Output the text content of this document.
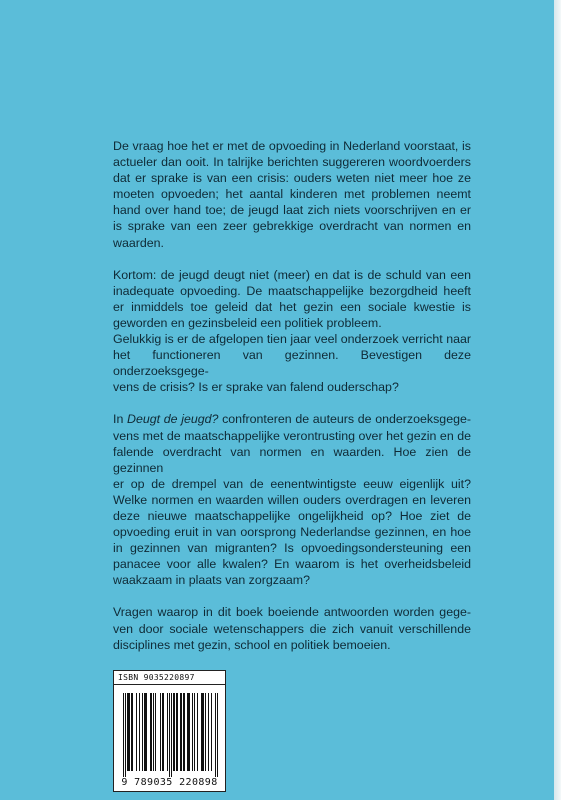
De vraag hoe het er met de opvoeding in Nederland voorstaat, is
actueler dan ooit. In talrijke berichten suggereren woordvoerders
dat er sprake is van een crisis: ouders weten niet meer hoe ze
moeten opvoeden; het aantal kinderen met problemen neemt
hand over hand toe; de jeugd laat zich niets voorschrijven en er
is sprake van een zeer gebrekkige overdracht van normen en
waarden.

Kortom: de jeugd deugt niet (meer) en dat is de schuld van een
inadequate opvoeding. De maatschappelijke bezorgdheid heeft
er inmiddels toe geleid dat het gezin een sociale kwestie is
geworden en gezinsbeleid een politiek probleem.
Gelukkig is er de afgelopen tien jaar veel onderzoek verricht naar
het functioneren van gezinnen. Bevestigen deze onderzoeksgege-
vens de crisis? Is er sprake van falend ouderschap?

In Deugt de jeugd? confronteren de auteurs de onderzoeksgege-
vens met de maatschappelijke verontrusting over het gezin en de
falende overdracht van normen en waarden. Hoe zien de gezinnen
er op de drempel van de eenentwintigste eeuw eigenlijk uit?
Welke normen en waarden willen ouders overdragen en leveren
deze nieuwe maatschappelijke ongelijkheid op? Hoe ziet de
opvoeding eruit in van oorsprong Nederlandse gezinnen, en hoe
in gezinnen van migranten? Is opvoedingsondersteuning een
panacee voor alle kwalen? En waarom is het overheidsbeleid
waakzaam in plaats van zorgzaam?

Vragen waarop in dit boek boeiende antwoorden worden gege-
ven door sociale wetenschappers die zich vanuit verschillende
disciplines met gezin, school en politiek bemoeien.

ISBN 9035220897
9 789035 220898
